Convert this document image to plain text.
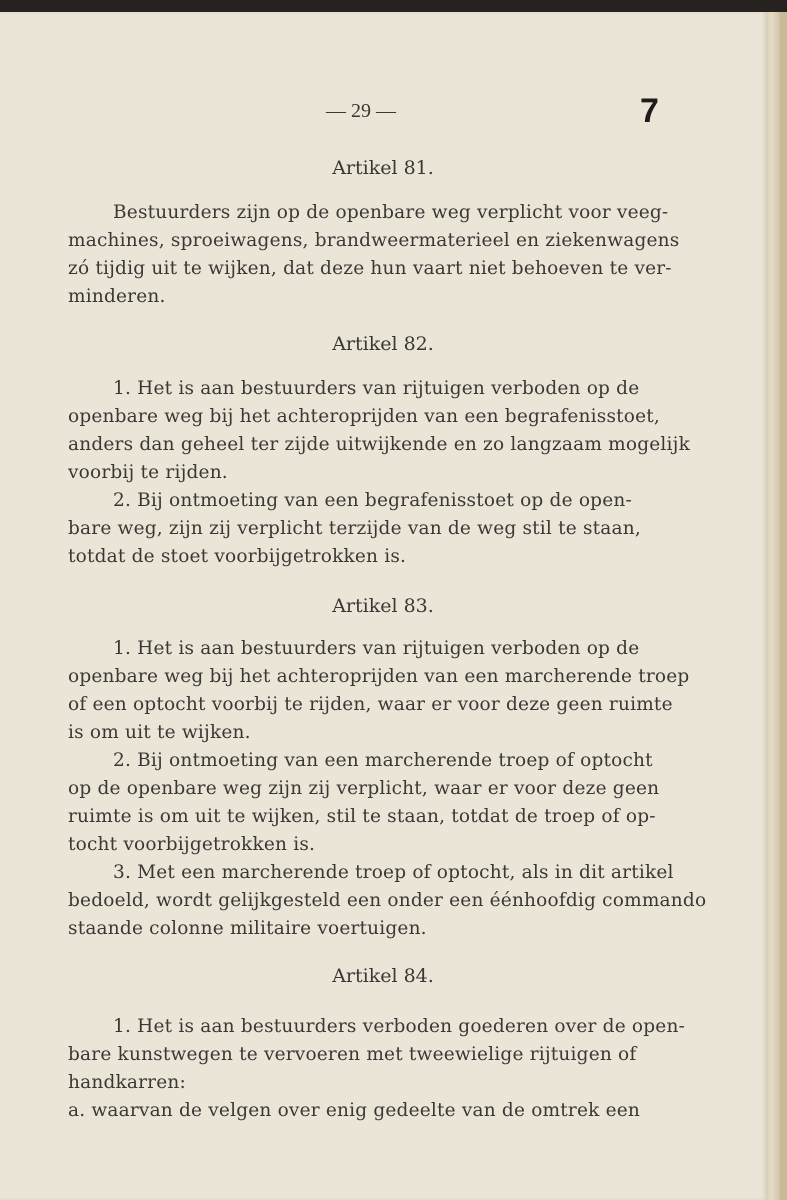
— 29 —	7
Artikel 81.
Bestuurders zijn op de openbare weg verplicht voor veeg-
machines, sproeiwagens, brandweermaterieel en ziekenwagens
zó tijdig uit te wijken, dat deze hun vaart niet behoeven te ver-
minderen.
Artikel 82.
1. Het is aan bestuurders van rijtuigen verboden op de
openbare weg bij het achteroprijden van een begrafenisstoet,
anders dan geheel ter zijde uitwijkende en zo langzaam mogelijk
voorbij te rijden.
2. Bij ontmoeting van een begrafenisstoet op de open-
bare weg, zijn zij verplicht terzijde van de weg stil te staan,
totdat de stoet voorbijgetrokken is.
Artikel 83.
1. Het is aan bestuurders van rijtuigen verboden op de
openbare weg bij het achteroprijden van een marcherende troep
of een optocht voorbij te rijden, waar er voor deze geen ruimte
is om uit te wijken.
2. Bij ontmoeting van een marcherende troep of optocht
op de openbare weg zijn zij verplicht, waar er voor deze geen
ruimte is om uit te wijken, stil te staan, totdat de troep of op-
tocht voorbijgetrokken is.
3. Met een marcherende troep of optocht, als in dit artikel
bedoeld, wordt gelijkgesteld een onder een éénhoofdig commando
staande colonne militaire voertuigen.
Artikel 84.
1. Het is aan bestuurders verboden goederen over de open-
bare kunstwegen te vervoeren met tweewielige rijtuigen of
handkarren:
a. waarvan de velgen over enig gedeelte van de omtrek een
